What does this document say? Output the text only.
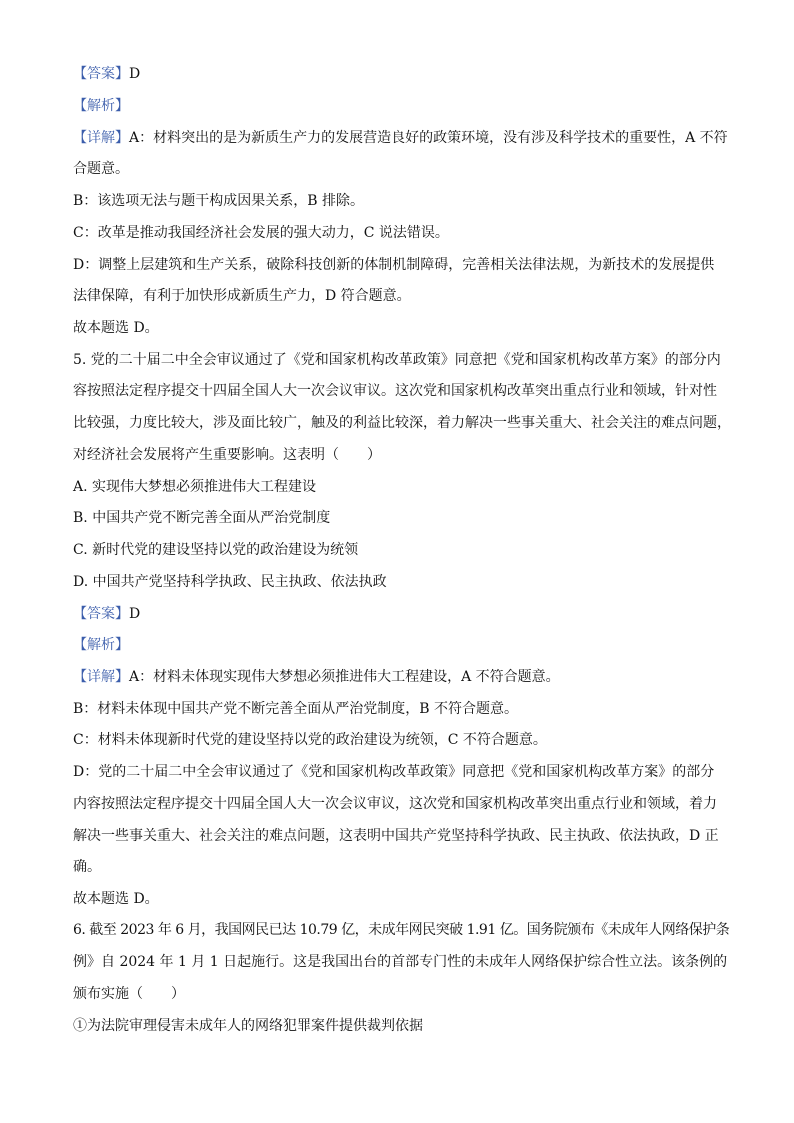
【答案】D
【解析】
【详解】A：材料突出的是为新质生产力的发展营造良好的政策环境，没有涉及科学技术的重要性，A 不符
合题意。
B：该选项无法与题干构成因果关系，B 排除。
C：改革是推动我国经济社会发展的强大动力，C 说法错误。
D：调整上层建筑和生产关系，破除科技创新的体制机制障碍，完善相关法律法规，为新技术的发展提供
法律保障，有利于加快形成新质生产力，D 符合题意。
故本题选 D。
5. 党的二十届二中全会审议通过了《党和国家机构改革政策》同意把《党和国家机构改革方案》的部分内
容按照法定程序提交十四届全国人大一次会议审议。这次党和国家机构改革突出重点行业和领域，针对性
比较强，力度比较大，涉及面比较广，触及的利益比较深，着力解决一些事关重大、社会关注的难点问题，
对经济社会发展将产生重要影响。这表明（　　）
A. 实现伟大梦想必须推进伟大工程建设
B. 中国共产党不断完善全面从严治党制度
C. 新时代党的建设坚持以党的政治建设为统领
D. 中国共产党坚持科学执政、民主执政、依法执政
【答案】D
【解析】
【详解】A：材料未体现实现伟大梦想必须推进伟大工程建设，A 不符合题意。
B：材料未体现中国共产党不断完善全面从严治党制度，B 不符合题意。
C：材料未体现新时代党的建设坚持以党的政治建设为统领，C 不符合题意。
D：党的二十届二中全会审议通过了《党和国家机构改革政策》同意把《党和国家机构改革方案》的部分
内容按照法定程序提交十四届全国人大一次会议审议，这次党和国家机构改革突出重点行业和领域，着力
解决一些事关重大、社会关注的难点问题，这表明中国共产党坚持科学执政、民主执政、依法执政，D 正
确。
故本题选 D。
6. 截至 2023 年 6 月，我国网民已达 10.79 亿，未成年网民突破 1.91 亿。国务院颁布《未成年人网络保护条
例》自 2024 年 1 月 1 日起施行。这是我国出台的首部专门性的未成年人网络保护综合性立法。该条例的
颁布实施（　　）
①为法院审理侵害未成年人的网络犯罪案件提供裁判依据
